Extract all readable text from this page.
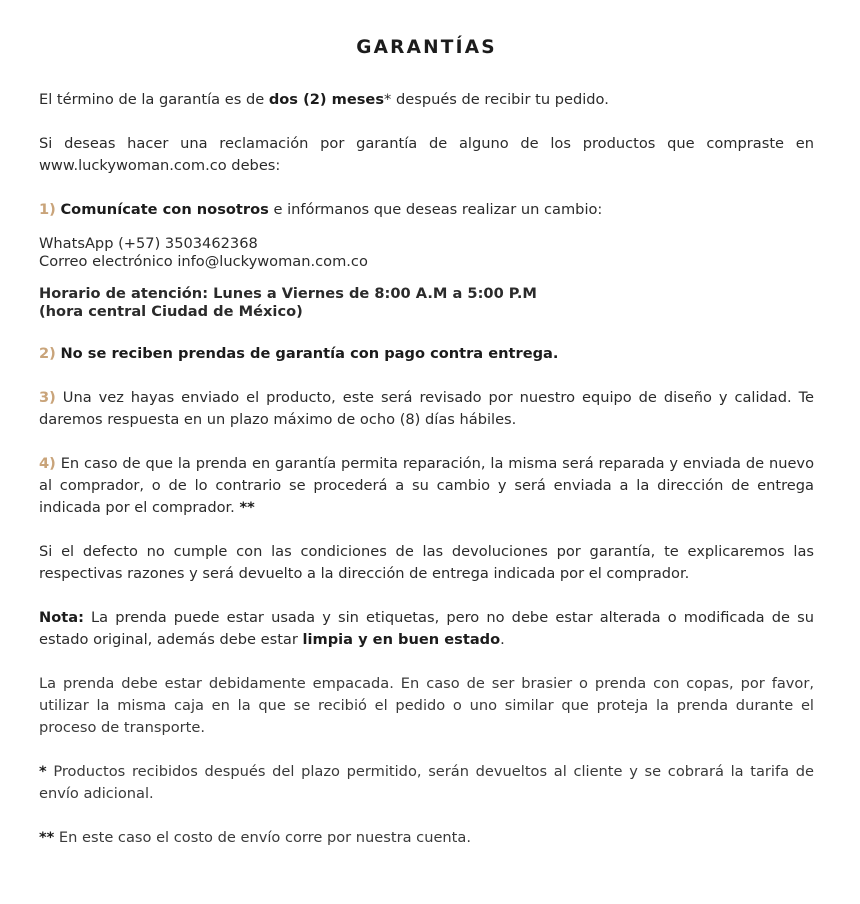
GARANTÍAS

El término de la garantía es de dos (2) meses* después de recibir tu pedido.

Si deseas hacer una reclamación por garantía de alguno de los productos que compraste en www.luckywoman.com.co debes:

1) Comunícate con nosotros e infórmanos que deseas realizar un cambio:

WhatsApp (+57) 3503462368

Correo electrónico info@luckywoman.com.co

Horario de atención: Lunes a Viernes de 8:00 A.M a 5:00 P.M

(hora central Ciudad de México)

2) No se reciben prendas de garantía con pago contra entrega.

3) Una vez hayas enviado el producto, este será revisado por nuestro equipo de diseño y calidad. Te daremos respuesta en un plazo máximo de ocho (8) días hábiles.

4) En caso de que la prenda en garantía permita reparación, la misma será reparada y enviada de nuevo al comprador, o de lo contrario se procederá a su cambio y será enviada a la dirección de entrega indicada por el comprador. **

Si el defecto no cumple con las condiciones de las devoluciones por garantía, te explicaremos las respectivas razones y será devuelto a la dirección de entrega indicada por el comprador.

Nota: La prenda puede estar usada y sin etiquetas, pero no debe estar alterada o modificada de su estado original, además debe estar limpia y en buen estado.

La prenda debe estar debidamente empacada. En caso de ser brasier o prenda con copas, por favor, utilizar la misma caja en la que se recibió el pedido o uno similar que proteja la prenda durante el proceso de transporte.

* Productos recibidos después del plazo permitido, serán devueltos al cliente y se cobrará la tarifa de envío adicional.

** En este caso el costo de envío corre por nuestra cuenta.
